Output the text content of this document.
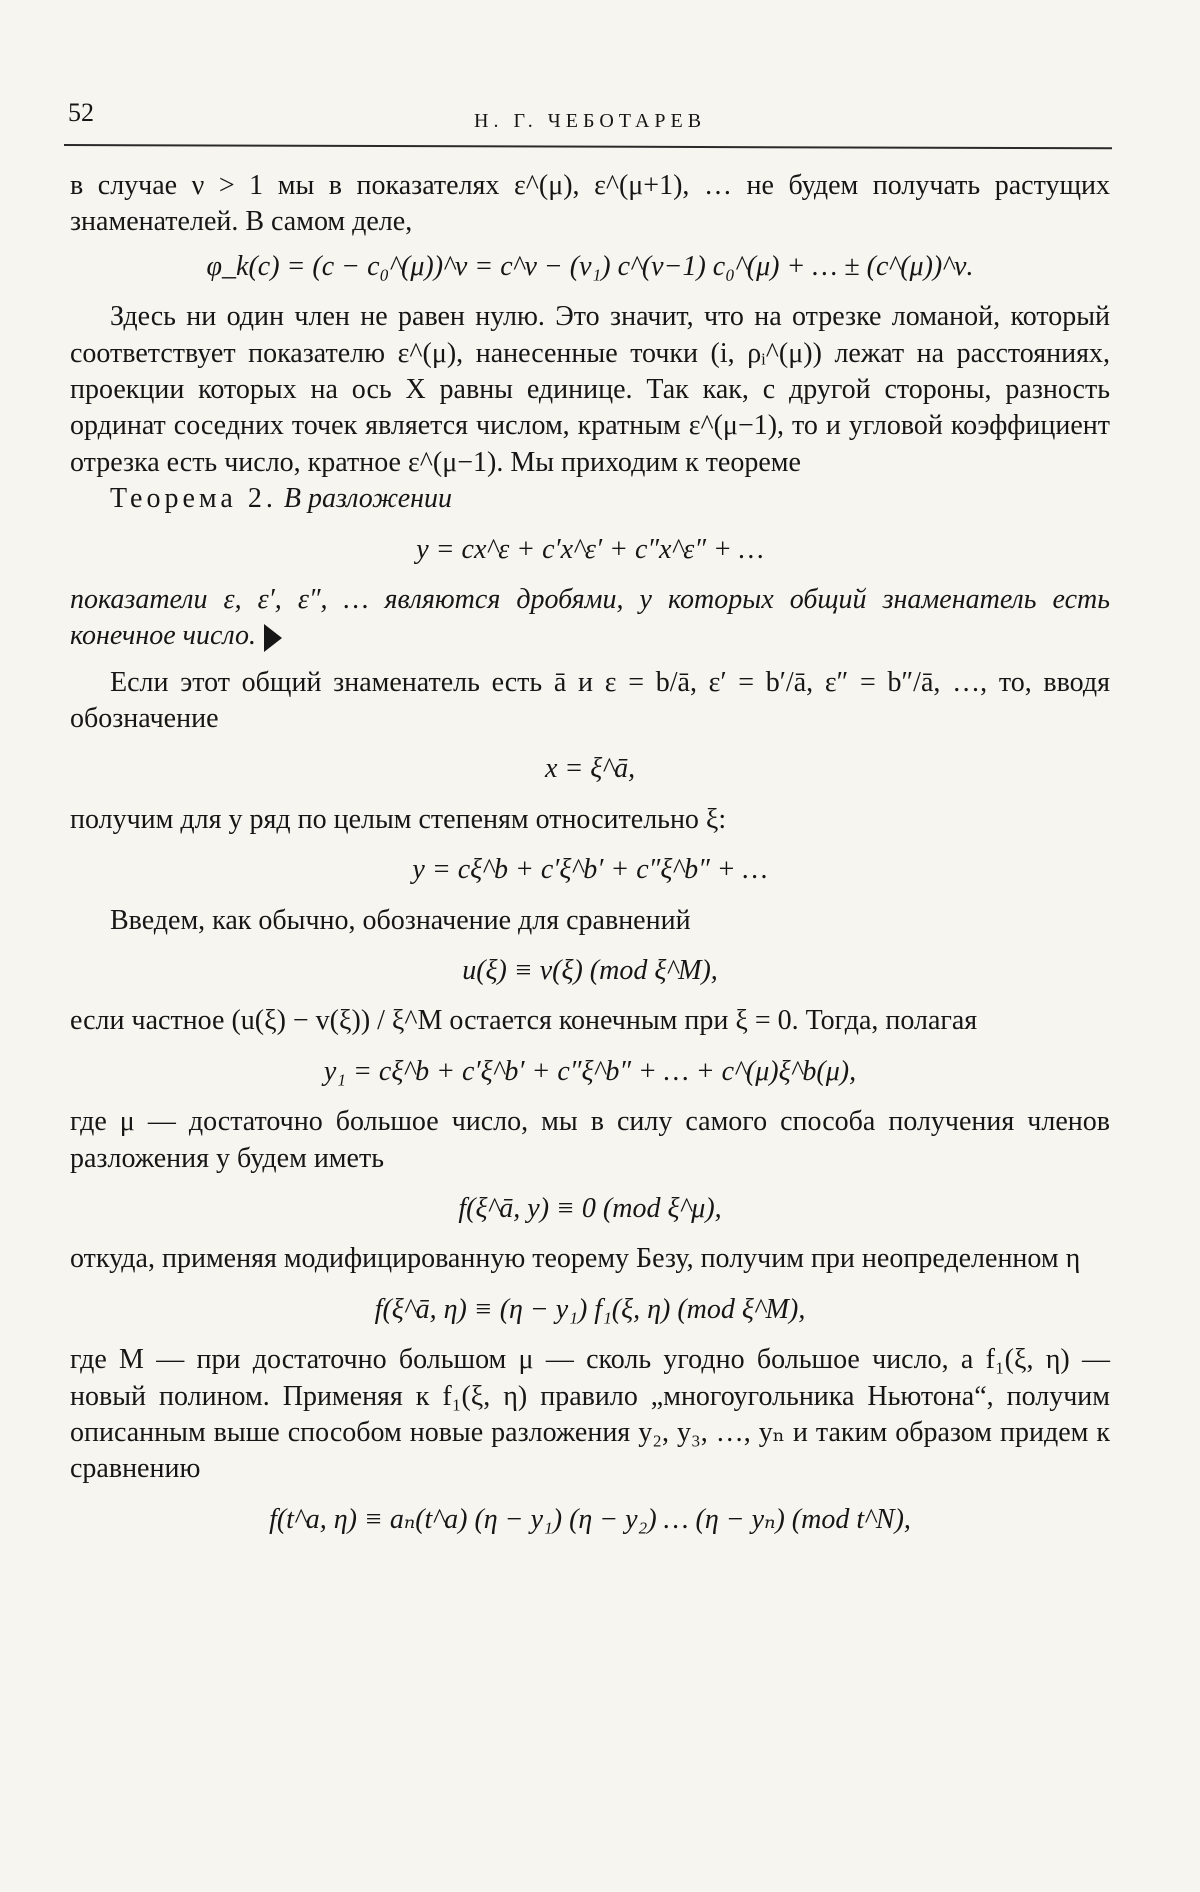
52	Н. Г. ЧЕБОТАРЕВ

в случае ν > 1 мы в показателях ε^(μ), ε^(μ+1), … не будем получать растущих знаменателей. В самом деле,

φ_k(c) = (c − c₀^(μ))^ν = c^ν − (ν₁) c^(ν−1) c₀^(μ) + … ± (c^(μ))^ν.

Здесь ни один член не равен нулю. Это значит, что на отрезке ломаной, который соответствует показателю ε^(μ), нанесенные точки (i, ρᵢ^(μ)) лежат на расстояниях, проекции которых на ось X равны единице. Так как, с другой стороны, разность ординат соседних точек является числом, кратным ε^(μ−1), то и угловой коэффициент отрезка есть число, кратное ε^(μ−1). Мы приходим к теореме

Теорема 2. В разложении

y = cx^ε + c′x^ε′ + c″x^ε″ + …

показатели ε, ε′, ε″, … являются дробями, у которых общий знаменатель есть конечное число.

Если этот общий знаменатель есть ā и ε = b/ā, ε′ = b′/ā, ε″ = b″/ā, …, то, вводя обозначение

x = ξ^ā,

получим для y ряд по целым степеням относительно ξ:

y = cξ^b + c′ξ^b′ + c″ξ^b″ + …

Введем, как обычно, обозначение для сравнений

u(ξ) ≡ v(ξ) (mod ξ^M),

если частное (u(ξ) − v(ξ)) / ξ^M остается конечным при ξ = 0. Тогда, полагая

y₁ = cξ^b + c′ξ^b′ + c″ξ^b″ + … + c^(μ)ξ^b(μ),

где μ — достаточно большое число, мы в силу самого способа получения членов разложения y будем иметь

f(ξ^ā, y) ≡ 0 (mod ξ^μ),

откуда, применяя модифицированную теорему Безу, получим при неопределенном η

f(ξ^ā, η) ≡ (η − y₁) f₁(ξ, η) (mod ξ^M),

где M — при достаточно большом μ — сколь угодно большое число, а f₁(ξ, η) — новый полином. Применяя к f₁(ξ, η) правило „многоугольника Ньютона“, получим описанным выше способом новые разложения y₂, y₃, …, yₙ и таким образом придем к сравнению

f(t^a, η) ≡ aₙ(t^a) (η − y₁) (η − y₂) … (η − yₙ) (mod t^N),
